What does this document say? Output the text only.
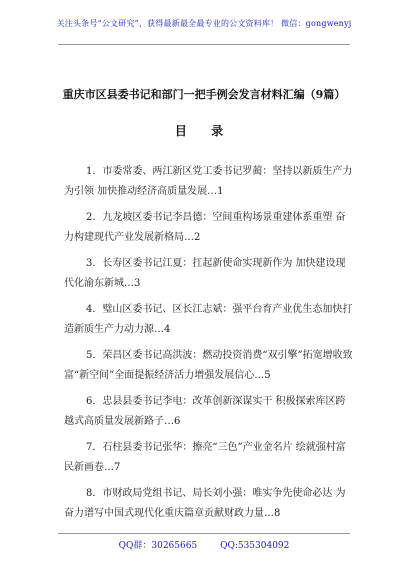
关注头条号“公文研究”，获得最新最全最专业的公文资料库！ 微信：gongwenyj
重庆市区县委书记和部门一把手例会发言材料汇编（9篇）
目 录
1．市委常委、两江新区党工委书记罗蔺：坚持以新质生产力为引领 加快推动经济高质量发展…1
2．九龙坡区委书记李昌德：空间重构场景重建体系重塑 奋力构建现代产业发展新格局…2
3．长寿区委书记江夏：扛起新使命实现新作为 加快建设现代化渝东新城…3
4．璧山区委书记、区长江志斌：强平台育产业优生态加快打造新质生产力动力源…4
5．荣昌区委书记高洪波：燃动投资消费“双引擎”拓宽增收致富“新空间”全面提振经济活力增强发展信心…5
6．忠县县委书记李电：改革创新深谋实干 积极探索库区跨越式高质量发展新路子…6
7．石柱县委书记张华：擦亮“三色”产业金名片 绘就强村富民新画卷…7
8．市财政局党组书记、局长刘小强：唯实争先使命必达 为奋力谱写中国式现代化重庆篇章贡献财政力量…8
QQ群：30265665	QQ:535304092
